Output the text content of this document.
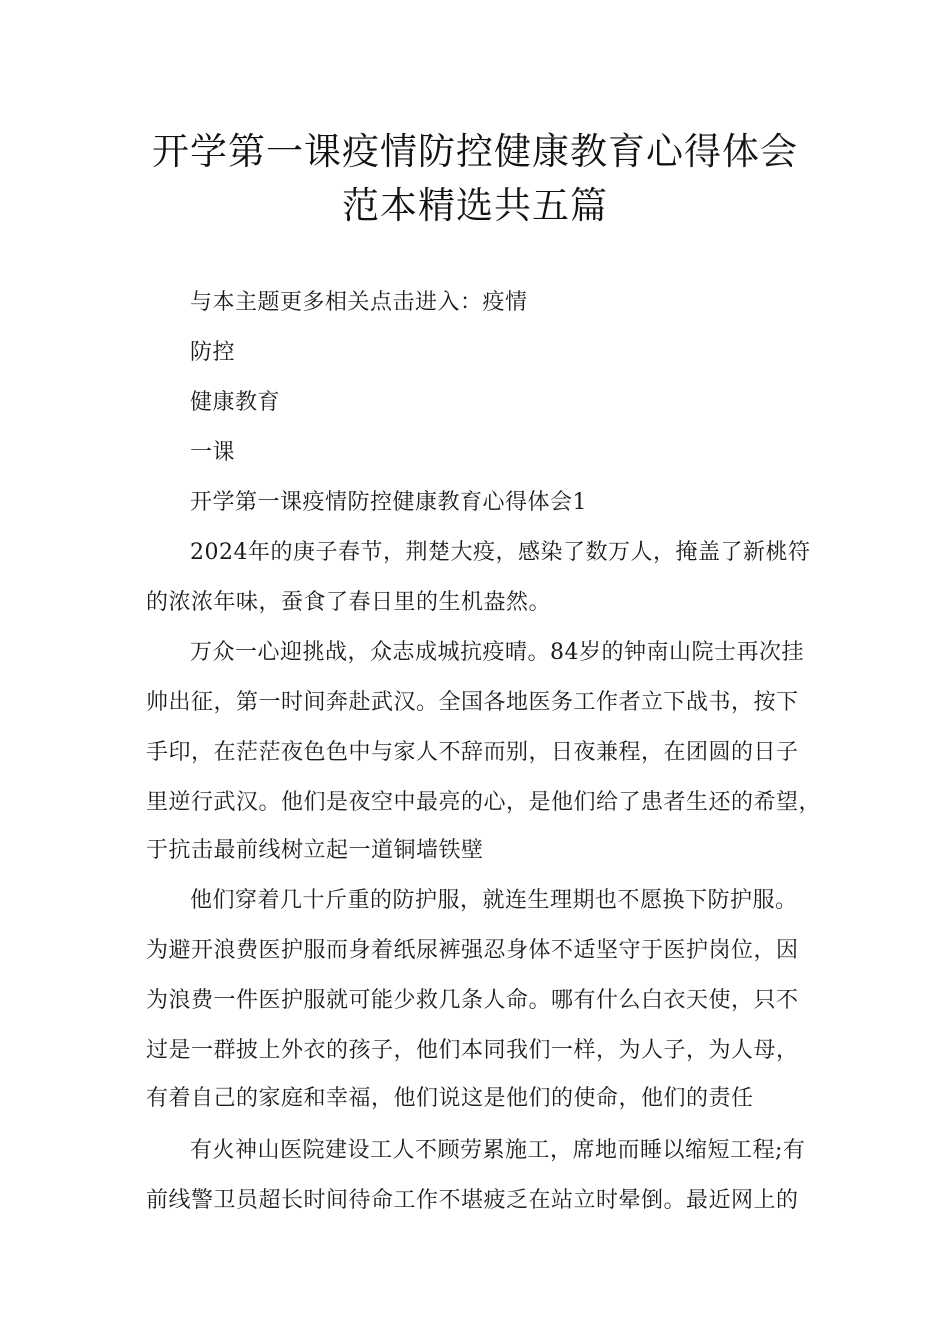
开学第一课疫情防控健康教育心得体会
范本精选共五篇
与本主题更多相关点击进入：疫情
防控
健康教育
一课
开学第一课疫情防控健康教育心得体会1
2024年的庚子春节，荆楚大疫，感染了数万人，掩盖了新桃符
的浓浓年味，蚕食了春日里的生机盎然。
万众一心迎挑战，众志成城抗疫晴。84岁的钟南山院士再次挂
帅出征，第一时间奔赴武汉。全国各地医务工作者立下战书，按下
手印，在茫茫夜色色中与家人不辞而别，日夜兼程，在团圆的日子
里逆行武汉。他们是夜空中最亮的心，是他们给了患者生还的希望，
于抗击最前线树立起一道铜墙铁壁
他们穿着几十斤重的防护服，就连生理期也不愿换下防护服。
为避开浪费医护服而身着纸尿裤强忍身体不适坚守于医护岗位，因
为浪费一件医护服就可能少救几条人命。哪有什么白衣天使，只不
过是一群披上外衣的孩子，他们本同我们一样，为人子，为人母，
有着自己的家庭和幸福，他们说这是他们的使命，他们的责任
有火神山医院建设工人不顾劳累施工，席地而睡以缩短工程;有
前线警卫员超长时间待命工作不堪疲乏在站立时晕倒。最近网上的
